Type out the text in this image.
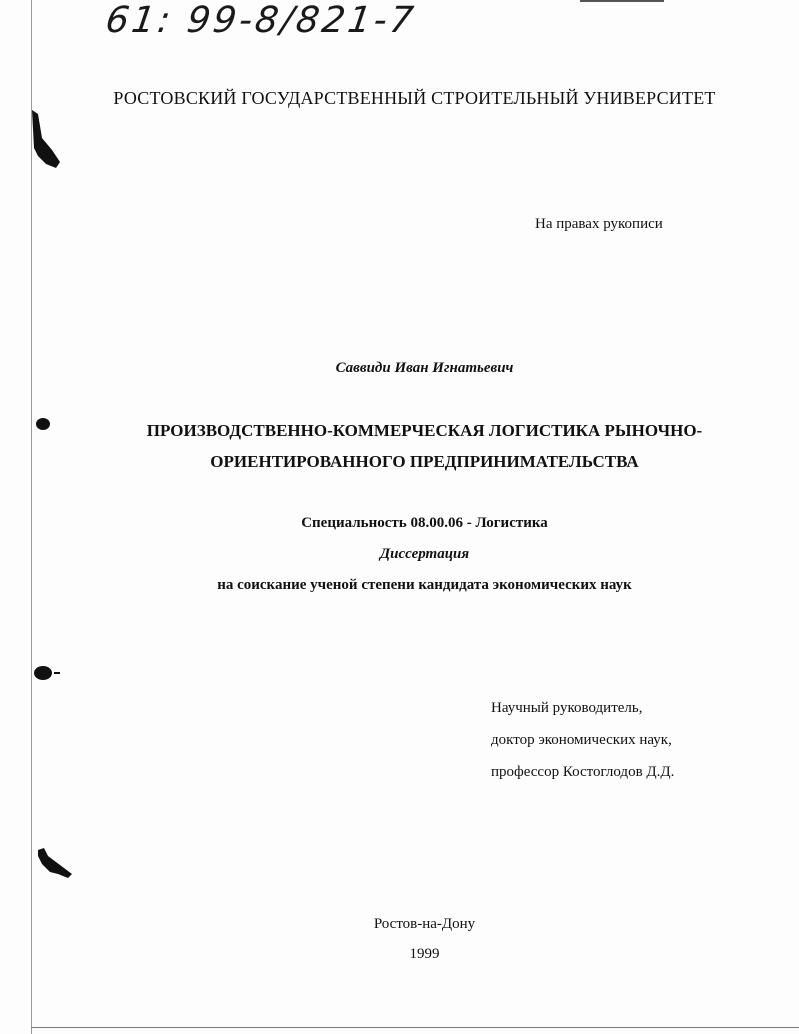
61: 99-8/821-7
РОСТОВСКИЙ ГОСУДАРСТВЕННЫЙ СТРОИТЕЛЬНЫЙ УНИВЕРСИТЕТ
На правах рукописи
Саввиди Иван Игнатьевич
ПРОИЗВОДСТВЕННО-КОММЕРЧЕСКАЯ ЛОГИСТИКА РЫНОЧНО-
ОРИЕНТИРОВАННОГО ПРЕДПРИНИМАТЕЛЬСТВА
Специальность 08.00.06 - Логистика
Диссертация
на соискание ученой степени кандидата экономических наук
Научный руководитель,
доктор экономических наук,
профессор Костоглодов Д.Д.
Ростов-на-Дону
1999
